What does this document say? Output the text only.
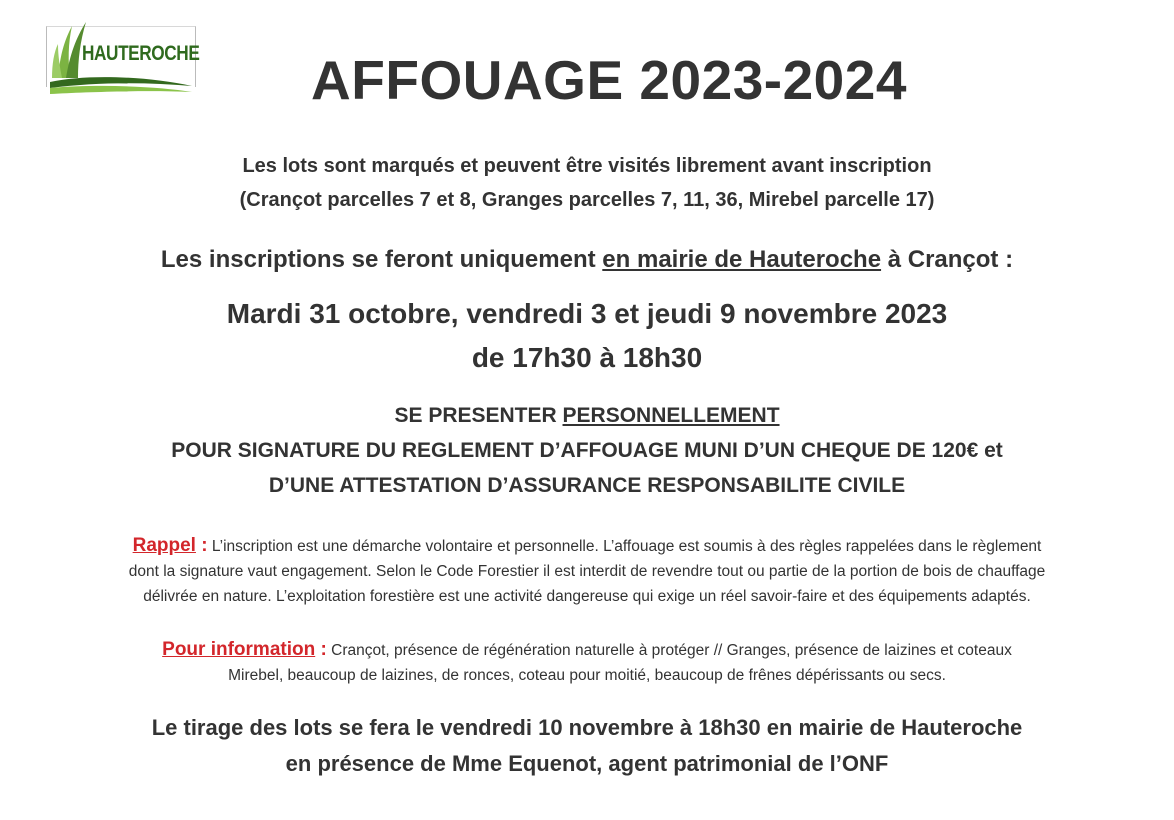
HAUTEROCHE	AFFOUAGE 2023-2024
Les lots sont marqués et peuvent être visités librement avant inscription
(Crançot parcelles 7 et 8, Granges parcelles 7, 11, 36, Mirebel parcelle 17)
Les inscriptions se feront uniquement en mairie de Hauteroche à Crançot :
Mardi 31 octobre, vendredi 3 et jeudi 9 novembre 2023
de 17h30 à 18h30
SE PRESENTER PERSONNELLEMENT
POUR SIGNATURE DU REGLEMENT D’AFFOUAGE MUNI D’UN CHEQUE DE 120€ et
D’UNE ATTESTATION D’ASSURANCE RESPONSABILITE CIVILE
Rappel : L’inscription est une démarche volontaire et personnelle. L’affouage est soumis à des règles rappelées dans le règlement
dont la signature vaut engagement. Selon le Code Forestier il est interdit de revendre tout ou partie de la portion de bois de chauffage
délivrée en nature. L’exploitation forestière est une activité dangereuse qui exige un réel savoir-faire et des équipements adaptés.
Pour information : Crançot, présence de régénération naturelle à protéger // Granges, présence de laizines et coteaux
Mirebel, beaucoup de laizines, de ronces, coteau pour moitié, beaucoup de frênes dépérissants ou secs.
Le tirage des lots se fera le vendredi 10 novembre à 18h30 en mairie de Hauteroche
en présence de Mme Equenot, agent patrimonial de l’ONF
